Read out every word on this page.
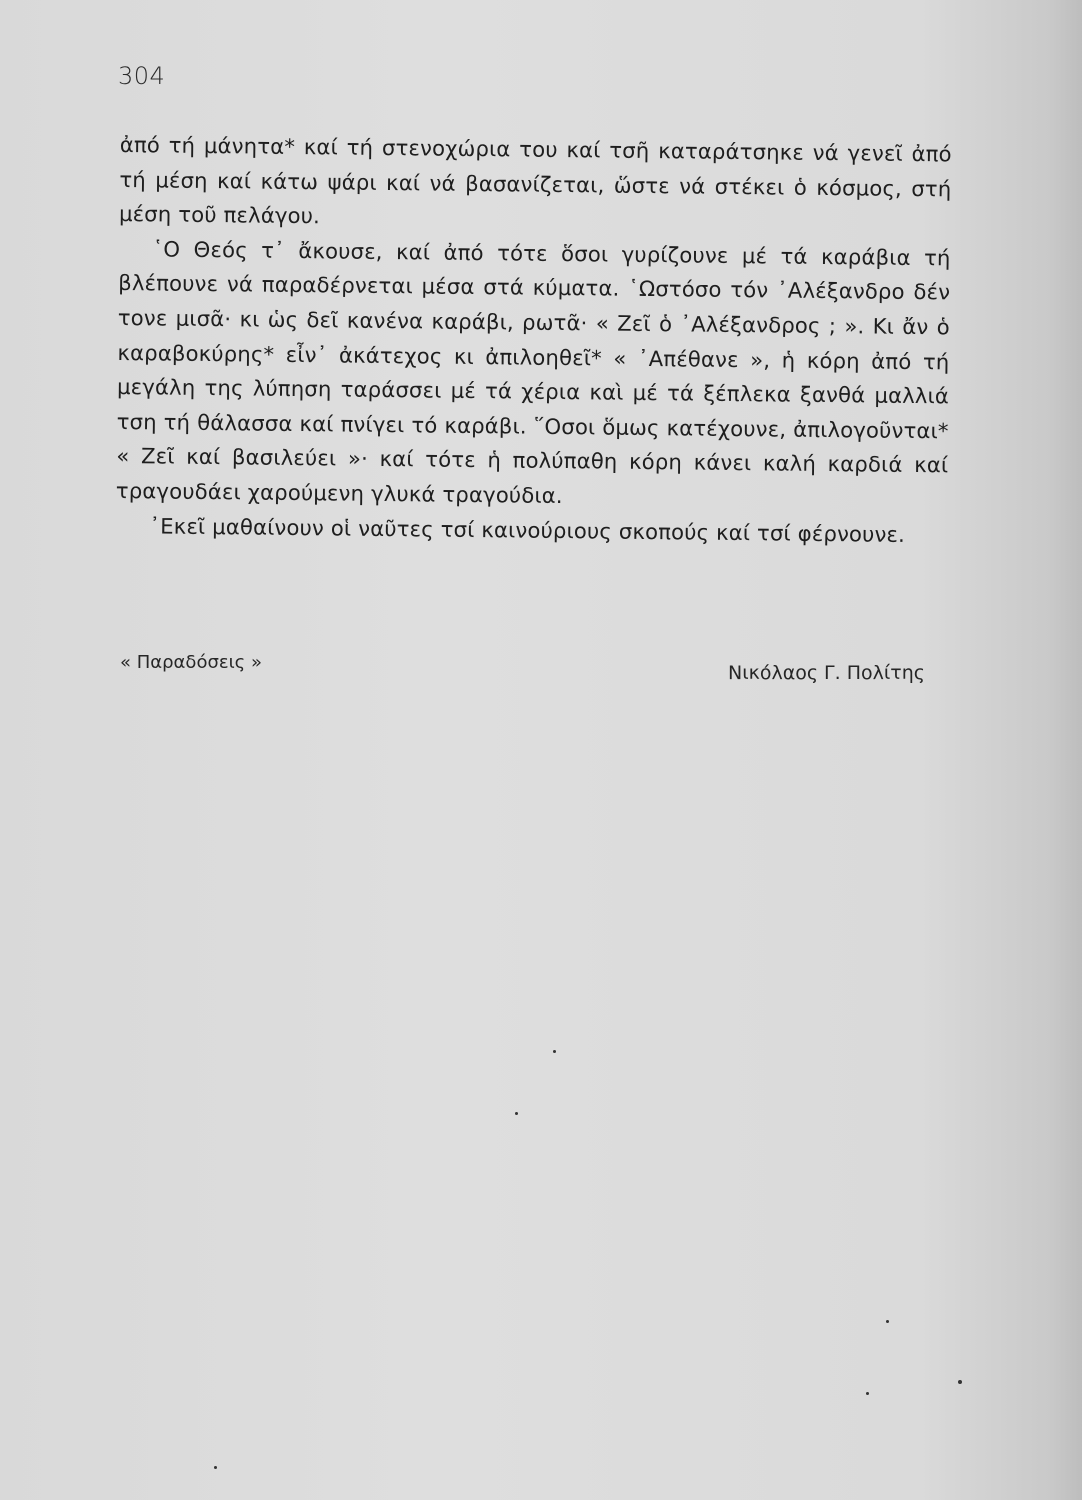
304

ἀπό τή μάνητα* καί τή στενοχώρια του καί τσῆ καταράτσηκε νά γενεῖ ἀπό τή μέση καί κάτω ψάρι καί νά βασανίζεται, ὥστε νά στέκει ὁ κόσμος, στή μέση τοῦ πελάγου.

῾Ο Θεός τ᾽ ἄκουσε, καί ἀπό τότε ὅσοι γυρίζουνε μέ τά καράβια τή βλέπουνε νά παραδέρνεται μέσα στά κύματα. ῾Ωστόσο τόν ᾽Αλέξανδρο δέν τονε μισᾶ· κι ὡς δεῖ κανένα καράβι, ρωτᾶ· « Ζεῖ ὁ ᾽Αλέξανδρος ; ». Κι ἄν ὁ καραβοκύρης* εἶν᾽ ἀκάτεχος κι ἀπιλοηθεῖ* « ᾽Απέθανε », ἡ κόρη ἀπό τή μεγάλη της λύπηση ταράσσει μέ τά χέρια καὶ μέ τά ξέπλεκα ξανθά μαλλιά τση τή θάλασσα καί πνίγει τό καράβι. ῞Οσοι ὅμως κατέχουνε, ἀπιλογοῦνται* « Ζεῖ καί βασιλεύει »· καί τότε ἡ πολύπαθη κόρη κάνει καλή καρδιά καί τραγουδάει χαρούμενη γλυκά τραγούδια.

᾽Εκεῖ μαθαίνουν οἱ ναῦτες τσί καινούριους σκοπούς καί τσί φέρνουνε.

« Παραδόσεις »	Νικόλαος Γ. Πολίτης
